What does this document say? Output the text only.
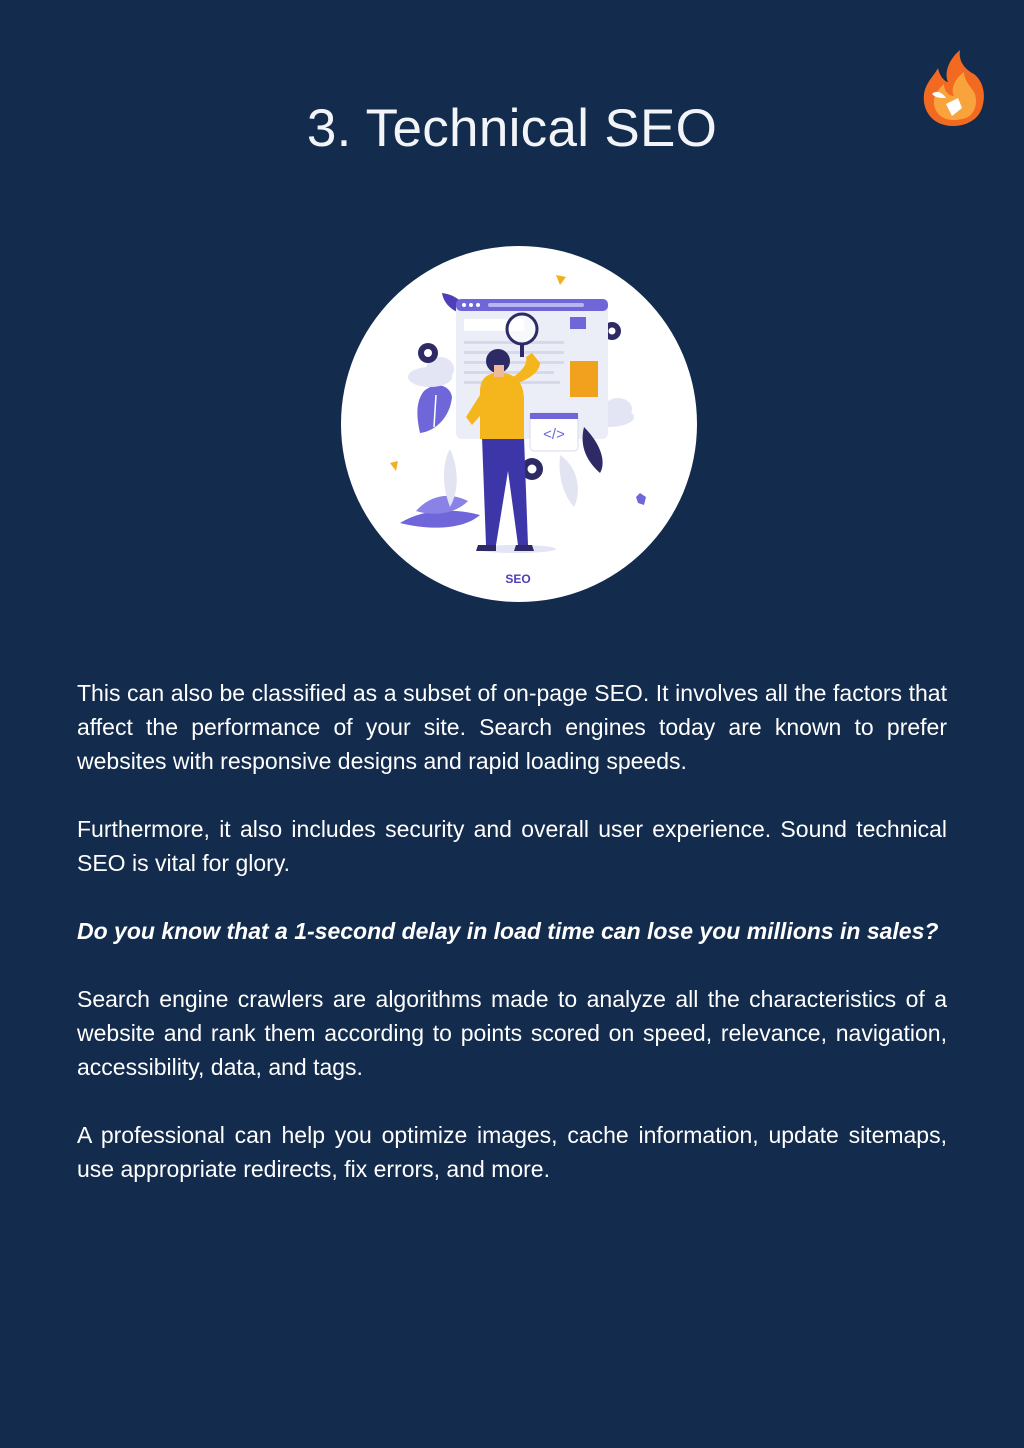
3. Technical SEO
</>
SEO

This can also be classified as a subset of on-page SEO. It involves all the factors that affect the performance of your site. Search engines today are known to prefer websites with responsive designs and rapid loading speeds.

Furthermore, it also includes security and overall user experience. Sound technical SEO is vital for glory.

Do you know that a 1-second delay in load time can lose you millions in sales?

Search engine crawlers are algorithms made to analyze all the characteristics of a website and rank them according to points scored on speed, relevance, navigation, accessibility, data, and tags.

A professional can help you optimize images, cache information, update sitemaps, use appropriate redirects, fix errors, and more.
